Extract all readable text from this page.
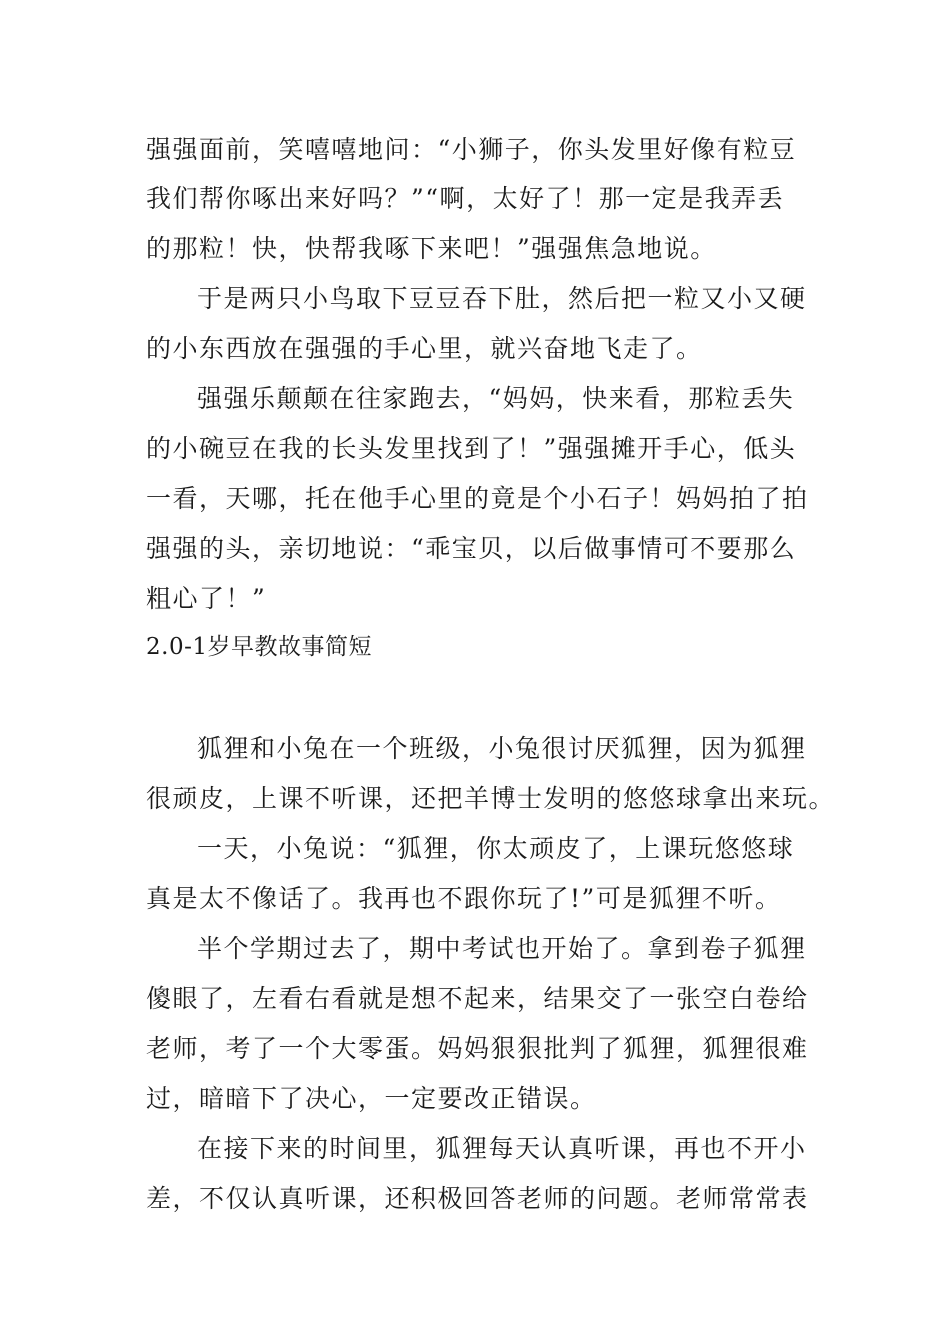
强强面前，笑嘻嘻地问：“小狮子，你头发里好像有粒豆
我们帮你啄出来好吗？”“啊，太好了！那一定是我弄丢
的那粒！快，快帮我啄下来吧！”强强焦急地说。
于是两只小鸟取下豆豆吞下肚，然后把一粒又小又硬
的小东西放在强强的手心里，就兴奋地飞走了。
强强乐颠颠在往家跑去，“妈妈，快来看，那粒丢失
的小碗豆在我的长头发里找到了！”强强摊开手心，低头
一看，天哪，托在他手心里的竟是个小石子！妈妈拍了拍
强强的头，亲切地说：“乖宝贝，以后做事情可不要那么
粗心了！”
2.0-1岁早教故事简短
狐狸和小兔在一个班级，小兔很讨厌狐狸，因为狐狸
很顽皮，上课不听课，还把羊博士发明的悠悠球拿出来玩。
一天，小兔说：“狐狸，你太顽皮了，上课玩悠悠球
真是太不像话了。我再也不跟你玩了!”可是狐狸不听。
半个学期过去了，期中考试也开始了。拿到卷子狐狸
傻眼了，左看右看就是想不起来，结果交了一张空白卷给
老师，考了一个大零蛋。妈妈狠狠批判了狐狸，狐狸很难
过，暗暗下了决心，一定要改正错误。
在接下来的时间里，狐狸每天认真听课，再也不开小
差，不仅认真听课，还积极回答老师的问题。老师常常表
